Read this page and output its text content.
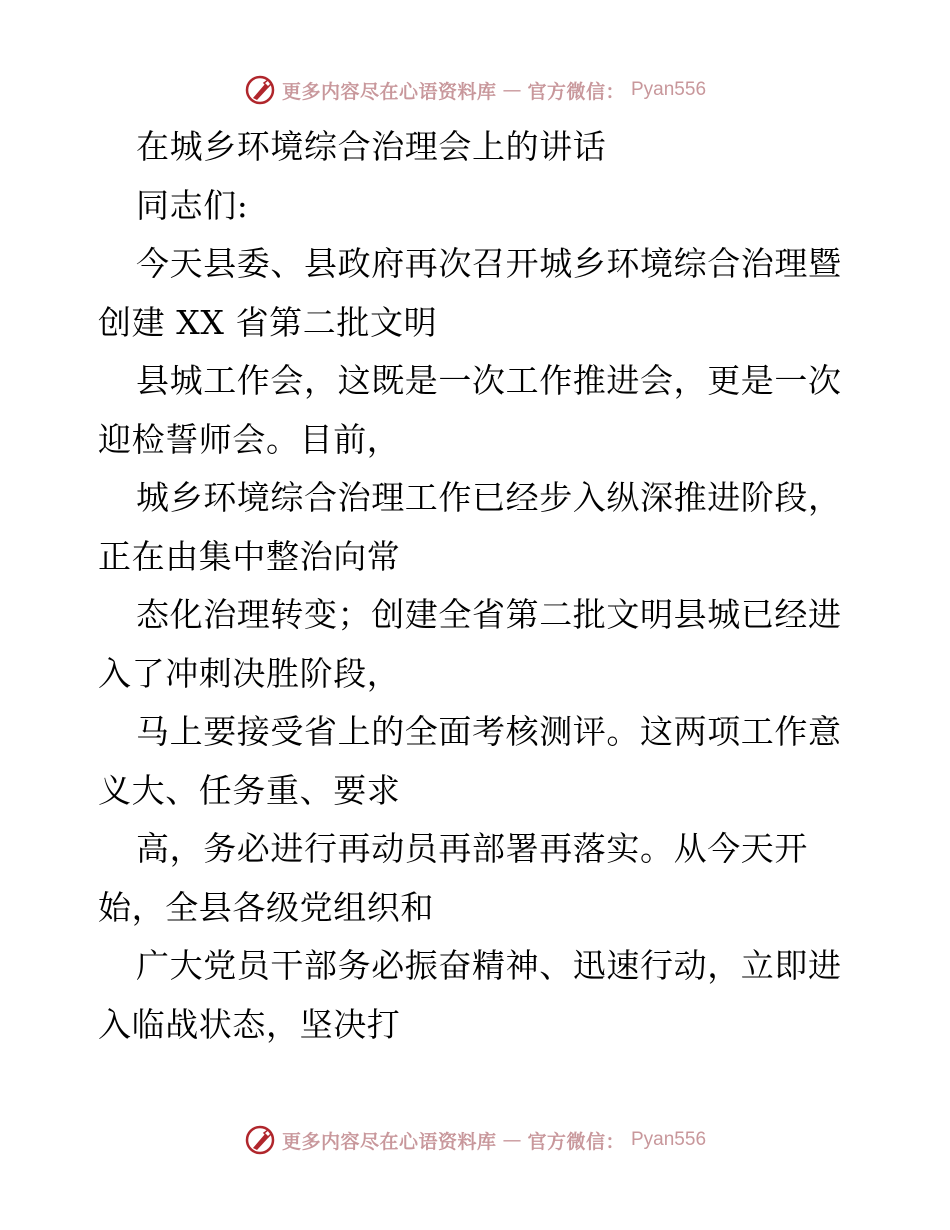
更多内容尽在心语资料库 — 官方微信： Pyan556
在城乡环境综合治理会上的讲话
同志们:
今天县委、县政府再次召开城乡环境综合治理暨
创建 XX 省第二批文明
县城工作会，这既是一次工作推进会，更是一次
迎检誓师会。目前，
城乡环境综合治理工作已经步入纵深推进阶段，
正在由集中整治向常
态化治理转变；创建全省第二批文明县城已经进
入了冲刺决胜阶段，
马上要接受省上的全面考核测评。这两项工作意
义大、任务重、要求
高，务必进行再动员再部署再落实。从今天开
始，全县各级党组织和
广大党员干部务必振奋精神、迅速行动，立即进
入临战状态，坚决打
更多内容尽在心语资料库 — 官方微信： Pyan556
